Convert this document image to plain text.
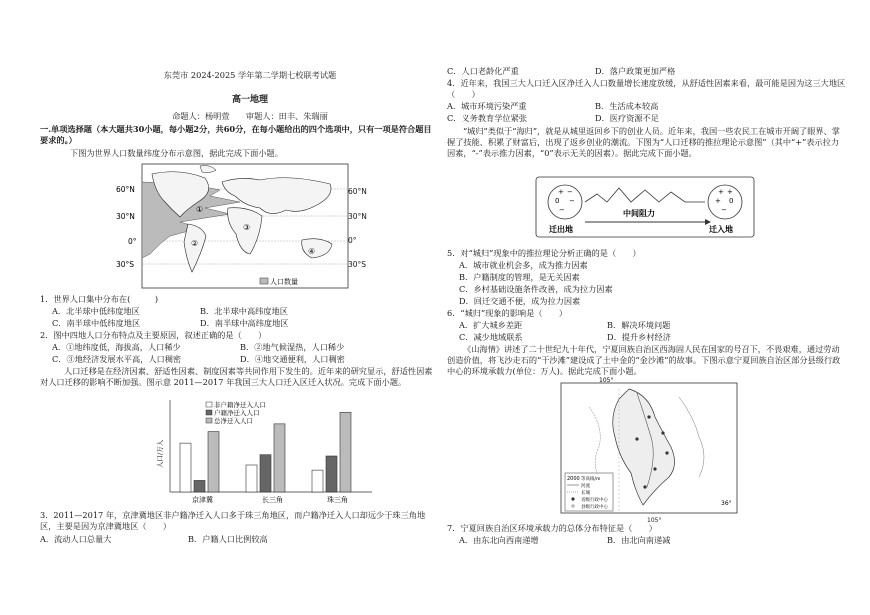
东莞市 2024-2025 学年第二学期七校联考试题
高一地理
命题人：杨明萱　　审题人：田丰、朱瑞丽
一.单项选择题（本大题共30小题，每小题2分，共60分，在每小题给出的四个选项中，只有一项是符合题目要求的。）
下图为世界人口数量纬度分布示意图，据此完成下面小题。
①
②
③
④
60°N
30°N
0°
30°S
人口数量
60°N
30°N
0°
30°S
1．世界人口集中分布在(　　　)
A．北半球中低纬度地区	B．北半球中高纬度地区
C．南半球中低纬度地区	D．南半球中高纬度地区
2．图中四地人口分布特点及主要原因，叙述正确的是（　　）
A．①地纬度低，海拔高，人口稀少	B．②地气候湿热，人口稀少
C．③地经济发展水平高，人口稠密	D．④地交通便利，人口稠密
人口迁移是在经济因素、舒适性因素、制度因素等共同作用下发生的。近年来的研究显示，舒适性因素对人口迁移的影响不断加强。图示意 2011—2017 年我国三大人口迁入区迁入状况。完成下面小题。
人口/万人
京津冀	长三角	珠三角
非户籍净迁入人口
户籍净迁入人口
总净迁入人口
3．2011—2017 年，京津冀地区非户籍净迁入人口多于珠三角地区，而户籍净迁入人口却远少于珠三角地区，主要是因为京津冀地区（　　）
A．流动人口总量大	B．户籍人口比例较高
C．人口老龄化严重	D．落户政策更加严格
4．近年来，我国三大人口迁入区净迁入人口数量增长速度放缓，从舒适性因素来看，最可能是因为这三大地区（　　）
A．城市环境污染严重	B．生活成本较高
C．义务教育学位紧张	D．医疗资源不足
“城归”类似于“海归”，就是从城里返回乡下的创业人员。近年来，我国一些农民工在城市开阔了眼界、掌握了技能、积累了财富后，出现了返乡创业的潮流。下图为“人口迁移的推拉理论示意图”（其中“+”表示拉力因素，“-”表示推力因素，“0”表示无关的因素）。据此完成下面小题。
+ −
0 −
−
+ +
+ 0
−
迁出地
中间阻力
迁入地
5．对“城归”现象中的推拉理论分析正确的是（　　）
A．城市就业机会多，成为推力因素
B．户籍制度的管理，是无关因素
C．乡村基础设施条件改善，成为拉力因素
D．回迁交通不便，成为拉力因素
6．“城归”现象的影响是（　　）
A．扩大城乡差距	B．解决环境问题
C．减少地域联系	D．提升乡村经济
《山海情》讲述了二十世纪九十年代，宁夏回族自治区西海固人民在国家的号召下，不畏艰难，通过劳动创造价值，将飞沙走石的“干沙滩”建设成了土中金的“金沙滩”的故事。下图示意宁夏回族自治区部分县级行政中心的环境承载力(单位：万人)。据此完成下面小题。
105°
2000 等高线/m
河流
长城
省级行政中心
县级行政中心
36°
105°
7．宁夏回族自治区环境承载力的总体分布特征是（　　）
A．由东北向西南递增	B．由北向南递减
